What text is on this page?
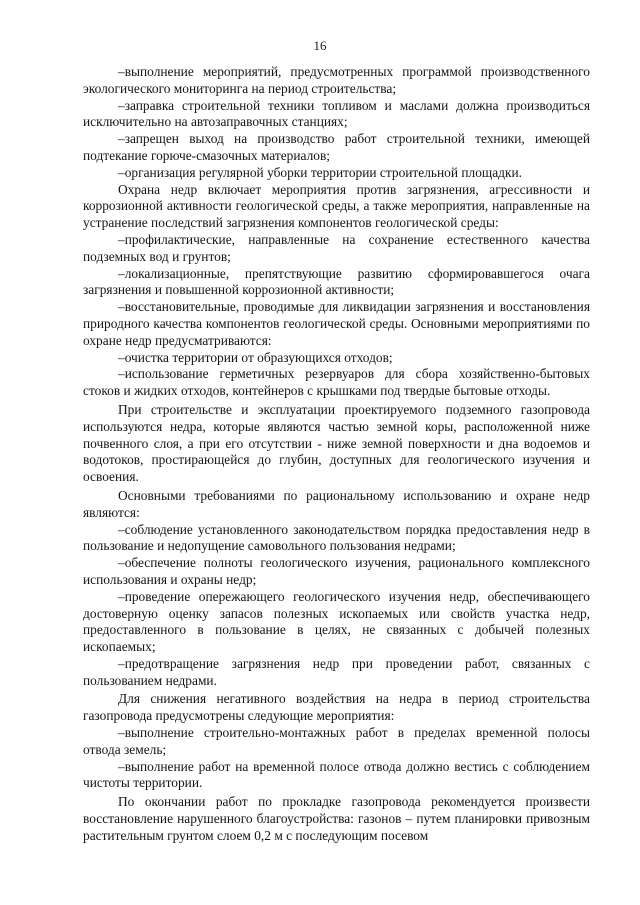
16

–выполнение мероприятий, предусмотренных программой производственного экологического мониторинга на период строительства;

–заправка строительной техники топливом и маслами должна производиться исключительно на автозаправочных станциях;

–запрещен выход на производство работ строительной техники, имеющей подтекание горюче-смазочных материалов;

–организация регулярной уборки территории строительной площадки.

Охрана недр включает мероприятия против загрязнения, агрессивности и коррозионной активности геологической среды, а также мероприятия, направленные на устранение последствий загрязнения компонентов геологической среды:

–профилактические, направленные на сохранение естественного качества подземных вод и грунтов;

–локализационные, препятствующие развитию сформировавшегося очага загрязнения и повышенной коррозионной активности;

–восстановительные, проводимые для ликвидации загрязнения и восстановления природного качества компонентов геологической среды. Основными мероприятиями по охране недр предусматриваются:

–очистка территории от образующихся отходов;

–использование герметичных резервуаров для сбора хозяйственно-бытовых стоков и жидких отходов, контейнеров с крышками под твердые бытовые отходы.

При строительстве и эксплуатации проектируемого подземного газопровода используются недра, которые являются частью земной коры, расположенной ниже почвенного слоя, а при его отсутствии - ниже земной поверхности и дна водоемов и водотоков, простирающейся до глубин, доступных для геологического изучения и освоения.

Основными требованиями по рациональному использованию и охране недр являются:

–соблюдение установленного законодательством порядка предоставления недр в пользование и недопущение самовольного пользования недрами;

–обеспечение полноты геологического изучения, рационального комплексного использования и охраны недр;

–проведение опережающего геологического изучения недр, обеспечивающего достоверную оценку запасов полезных ископаемых или свойств участка недр, предоставленного в пользование в целях, не связанных с добычей полезных ископаемых;

–предотвращение загрязнения недр при проведении работ, связанных с пользованием недрами.

Для снижения негативного воздействия на недра в период строительства газопровода предусмотрены следующие мероприятия:

–выполнение строительно-монтажных работ в пределах временной полосы отвода земель;

–выполнение работ на временной полосе отвода должно вестись с соблюдением чистоты территории.

По окончании работ по прокладке газопровода рекомендуется произвести восстановление нарушенного благоустройства: газонов – путем планировки привозным растительным грунтом слоем 0,2 м с последующим посевом
